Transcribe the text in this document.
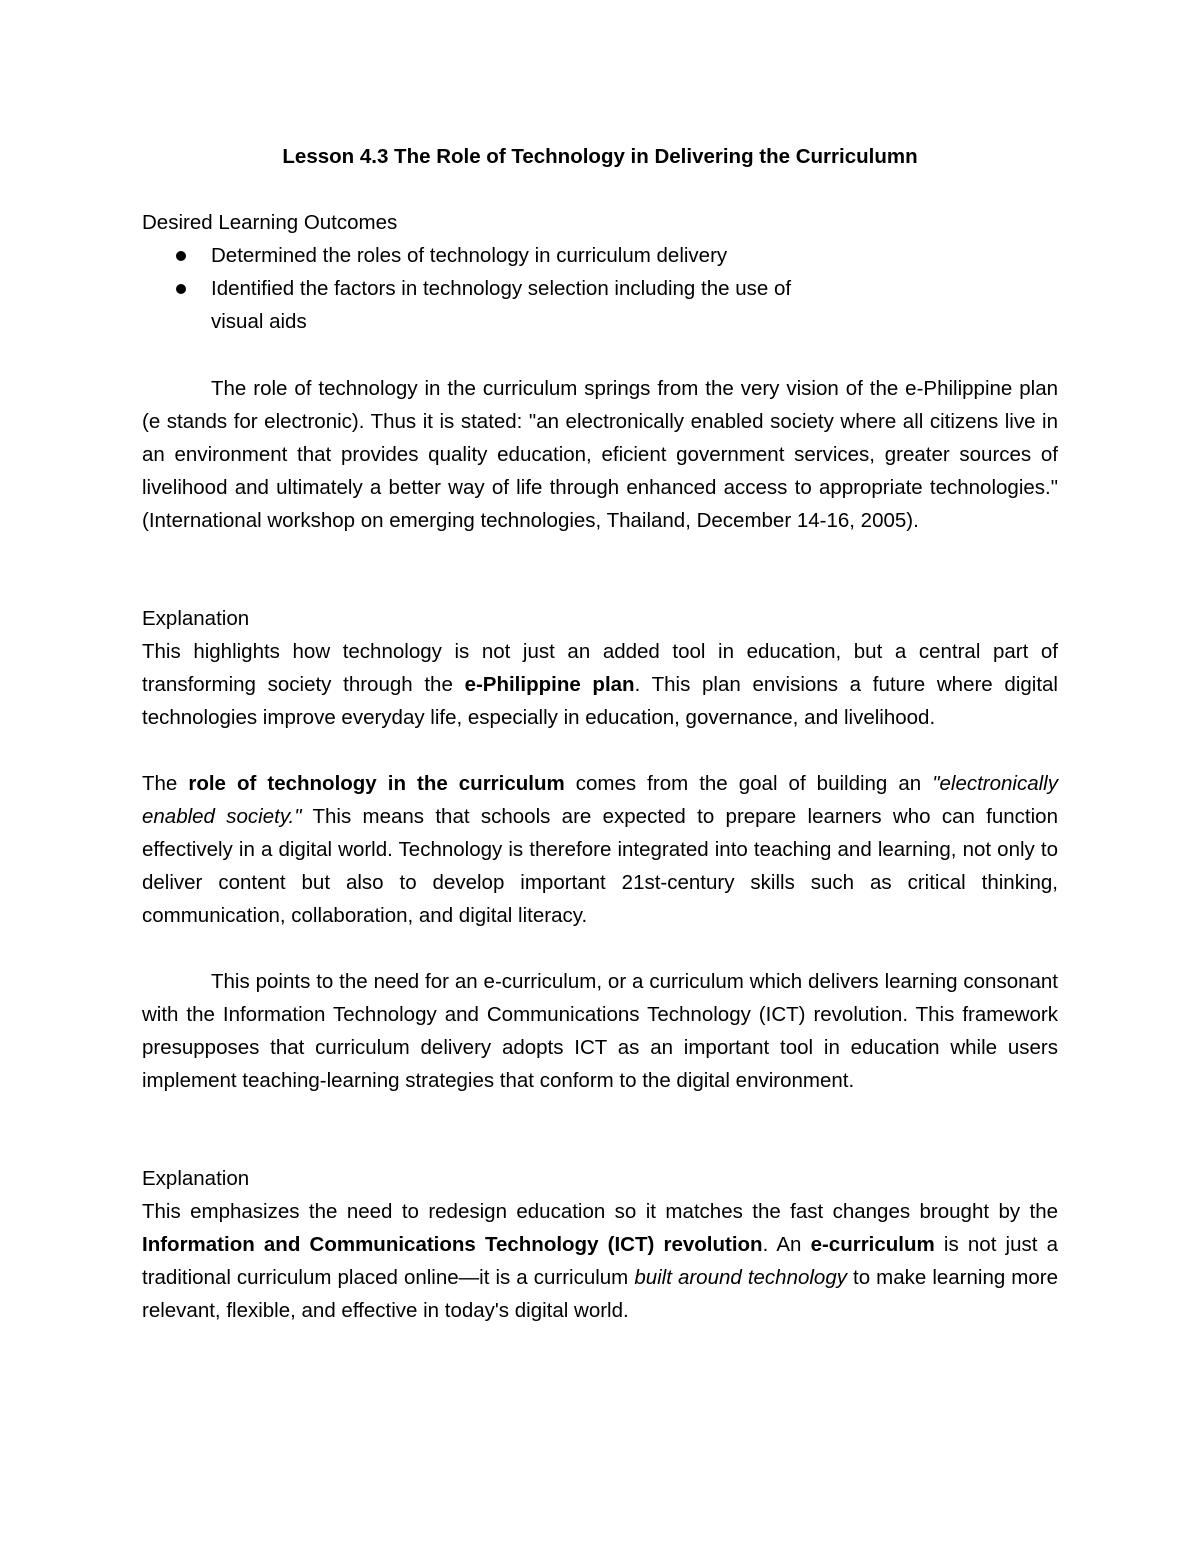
Lesson 4.3 The Role of Technology in Delivering the Curriculumn
Desired Learning Outcomes
Determined the roles of technology in curriculum delivery
Identified the factors in technology selection including the use of visual aids

The role of technology in the curriculum springs from the very vision of the e-Philippine plan (e stands for electronic). Thus it is stated: "an electronically enabled society where all citizens live in an environment that provides quality education, eficient government services, greater sources of livelihood and ultimately a better way of life through enhanced access to appropriate technologies." (International workshop on emerging technologies, Thailand, December 14-16, 2005).

Explanation

This highlights how technology is not just an added tool in education, but a central part of transforming society through the e-Philippine plan. This plan envisions a future where digital technologies improve everyday life, especially in education, governance, and livelihood.

The role of technology in the curriculum comes from the goal of building an "electronically enabled society." This means that schools are expected to prepare learners who can function effectively in a digital world. Technology is therefore integrated into teaching and learning, not only to deliver content but also to develop important 21st-century skills such as critical thinking, communication, collaboration, and digital literacy.

This points to the need for an e-curriculum, or a curriculum which delivers learning consonant with the Information Technology and Communications Technology (ICT) revolution. This framework presupposes that curriculum delivery adopts ICT as an important tool in education while users implement teaching-learning strategies that conform to the digital environment.

Explanation

This emphasizes the need to redesign education so it matches the fast changes brought by the Information and Communications Technology (ICT) revolution. An e-curriculum is not just a traditional curriculum placed online—it is a curriculum built around technology to make learning more relevant, flexible, and effective in today's digital world.
